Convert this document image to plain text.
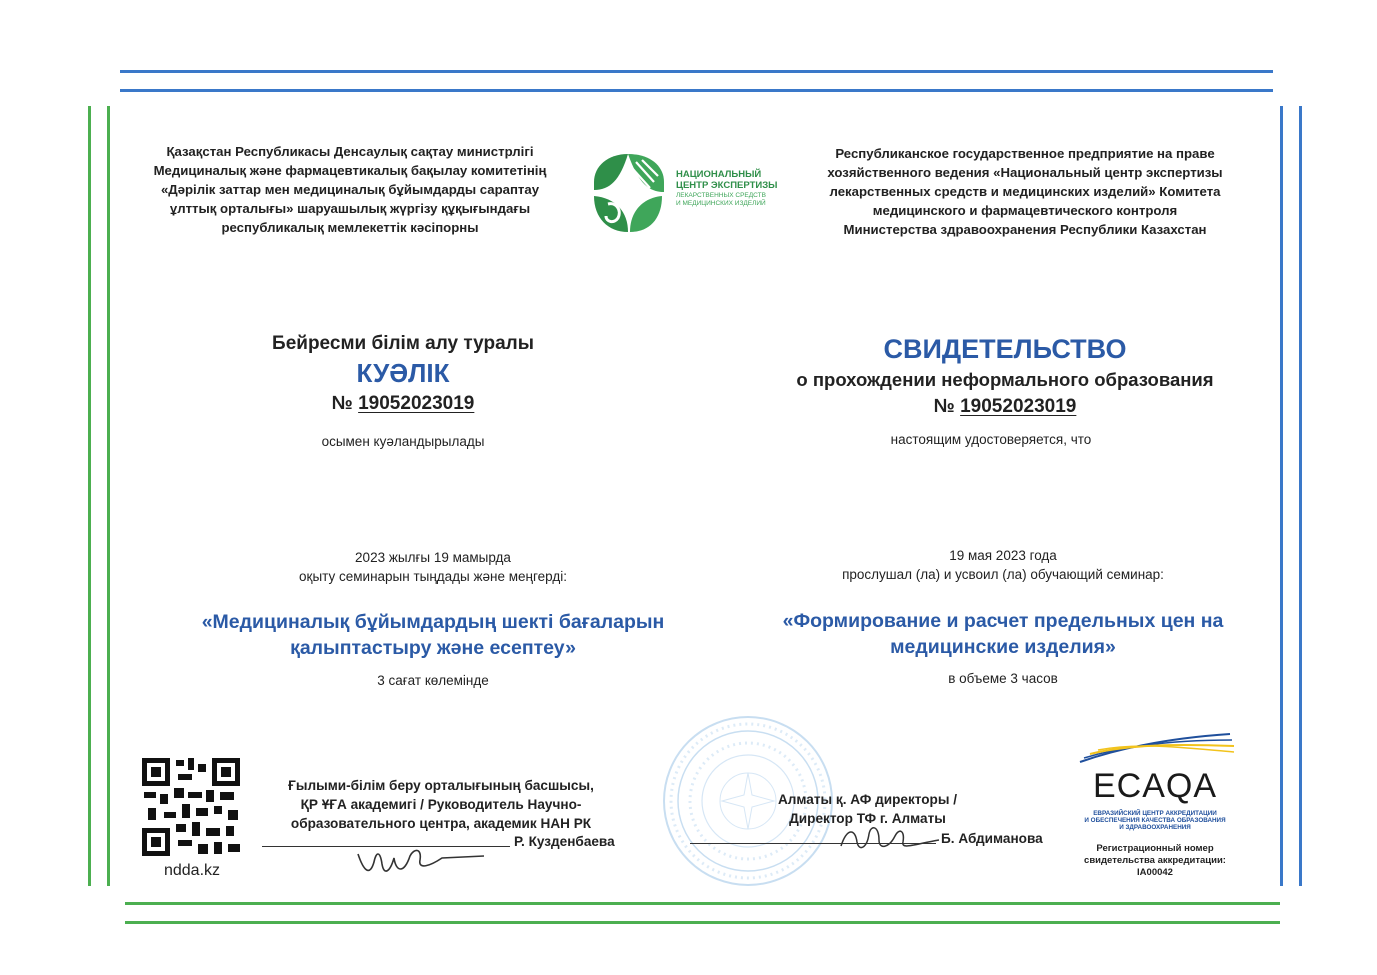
Қазақстан Республикасы Денсаулық сақтау министрлігі
Медициналық және фармацевтикалық бақылау комитетінің
«Дәрілік заттар мен медициналық бұйымдарды сараптау
ұлттық орталығы» шаруашылық жүргізу құқығындағы
республикалық мемлекеттік кәсіпорны
НАЦИОНАЛЬНЫЙ
ЦЕНТР ЭКСПЕРТИЗЫ
ЛЕКАРСТВЕННЫХ СРЕДСТВ
И МЕДИЦИНСКИХ ИЗДЕЛИЙ
Республиканское государственное предприятие на праве
хозяйственного ведения «Национальный центр экспертизы
лекарственных средств и медицинских изделий» Комитета
медицинского и фармацевтического контроля
Министерства здравоохранения Республики Казахстан
Бейресми білім алу туралы
КУӘЛІК
№ 19052023019
осымен куәландырылады
СВИДЕТЕЛЬСТВО
о прохождении неформального образования
№ 19052023019
настоящим удостоверяется, что
2023 жылғы 19 мамырда
оқыту семинарын тыңдады және меңгерді:
«Медициналық бұйымдардың шекті бағаларын
қалыптастыру және есептеу»
3 сағат көлемінде
19 мая 2023 года
прослушал (ла) и усвоил (ла) обучающий семинар:
«Формирование и расчет предельных цен на
медицинские изделия»
в объеме 3 часов
ndda.kz
Ғылыми-білім беру орталығының басшысы,
ҚР ҰҒА академигі / Руководитель Научно-
образовательного центра, академик НАН РК
Р. Кузденбаева
Алматы қ. АФ директоры /
Директор ТФ г. Алматы
Б. Абдиманова
ECAQA
ЕВРАЗИЙСКИЙ ЦЕНТР АККРЕДИТАЦИИ
И ОБЕСПЕЧЕНИЯ КАЧЕСТВА ОБРАЗОВАНИЯ
И ЗДРАВООХРАНЕНИЯ
Регистрационный номер
свидетельства аккредитации:
IA00042
